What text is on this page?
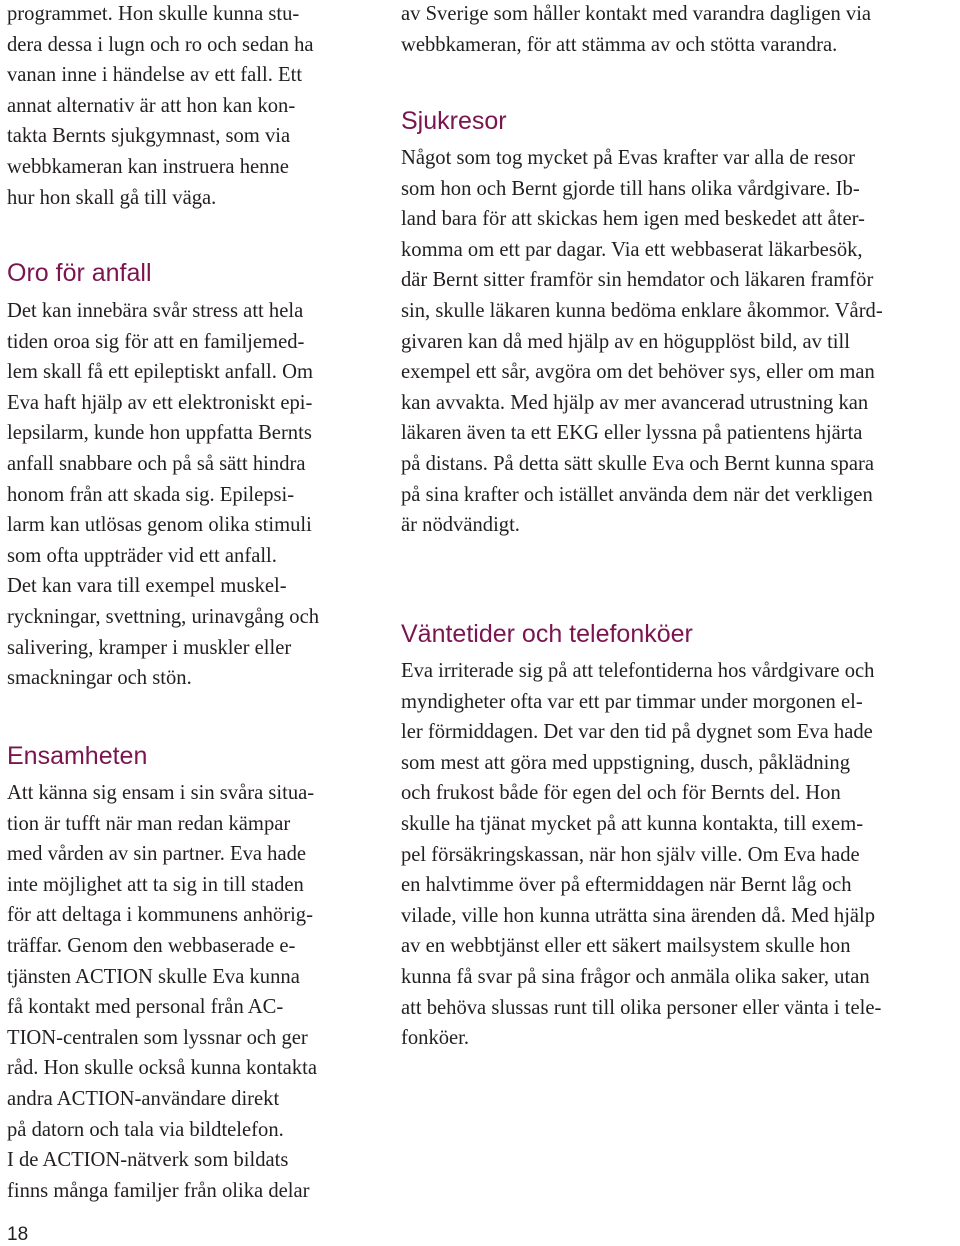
programmet. Hon skulle kunna stu-
dera dessa i lugn och ro och sedan ha
vanan inne i händelse av ett fall. Ett
annat alternativ är att hon kan kon-
takta Bernts sjukgymnast, som via
webbkameran kan instruera henne
hur hon skall gå till väga.

Oro för anfall

Det kan innebära svår stress att hela
tiden oroa sig för att en familjemed-
lem skall få ett epileptiskt anfall. Om
Eva haft hjälp av ett elektroniskt epi-
lepsilarm, kunde hon uppfatta Bernts
anfall snabbare och på så sätt hindra
honom från att skada sig. Epilepsi-
larm kan utlösas genom olika stimuli
som ofta uppträder vid ett anfall.
Det kan vara till exempel muskel-
ryckningar, svettning, urinavgång och
salivering, kramper i muskler eller
smackningar och stön.

Ensamheten

Att känna sig ensam i sin svåra situa-
tion är tufft när man redan kämpar
med vården av sin partner. Eva hade
inte möjlighet att ta sig in till staden
för att deltaga i kommunens anhörig-
träffar. Genom den webbaserade e-
tjänsten ACTION skulle Eva kunna
få kontakt med personal från AC-
TION-centralen som lyssnar och ger
råd. Hon skulle också kunna kontakta
andra ACTION-användare direkt
på datorn och tala via bildtelefon.
I de ACTION-nätverk som bildats
finns många familjer från olika delar

av Sverige som håller kontakt med varandra dagligen via
webbkameran, för att stämma av och stötta varandra.

Sjukresor

Något som tog mycket på Evas krafter var alla de resor
som hon och Bernt gjorde till hans olika vårdgivare. Ib-
land bara för att skickas hem igen med beskedet att åter-
komma om ett par dagar. Via ett webbaserat läkarbesök,
där Bernt sitter framför sin hemdator och läkaren framför
sin, skulle läkaren kunna bedöma enklare åkommor. Vård-
givaren kan då med hjälp av en högupplöst bild, av till
exempel ett sår, avgöra om det behöver sys, eller om man
kan avvakta. Med hjälp av mer avancerad utrustning kan
läkaren även ta ett EKG eller lyssna på patientens hjärta
på distans. På detta sätt skulle Eva och Bernt kunna spara
på sina krafter och istället använda dem när det verkligen
är nödvändigt.

Väntetider och telefonköer

Eva irriterade sig på att telefontiderna hos vårdgivare och
myndigheter ofta var ett par timmar under morgonen el-
ler förmiddagen. Det var den tid på dygnet som Eva hade
som mest att göra med uppstigning, dusch, påklädning
och frukost både för egen del och för Bernts del. Hon
skulle ha tjänat mycket på att kunna kontakta, till exem-
pel försäkringskassan, när hon själv ville. Om Eva hade
en halvtimme över på eftermiddagen när Bernt låg och
vilade, ville hon kunna uträtta sina ärenden då. Med hjälp
av en webbtjänst eller ett säkert mailsystem skulle hon
kunna få svar på sina frågor och anmäla olika saker, utan
att behöva slussas runt till olika personer eller vänta i tele-
fonköer.

18
